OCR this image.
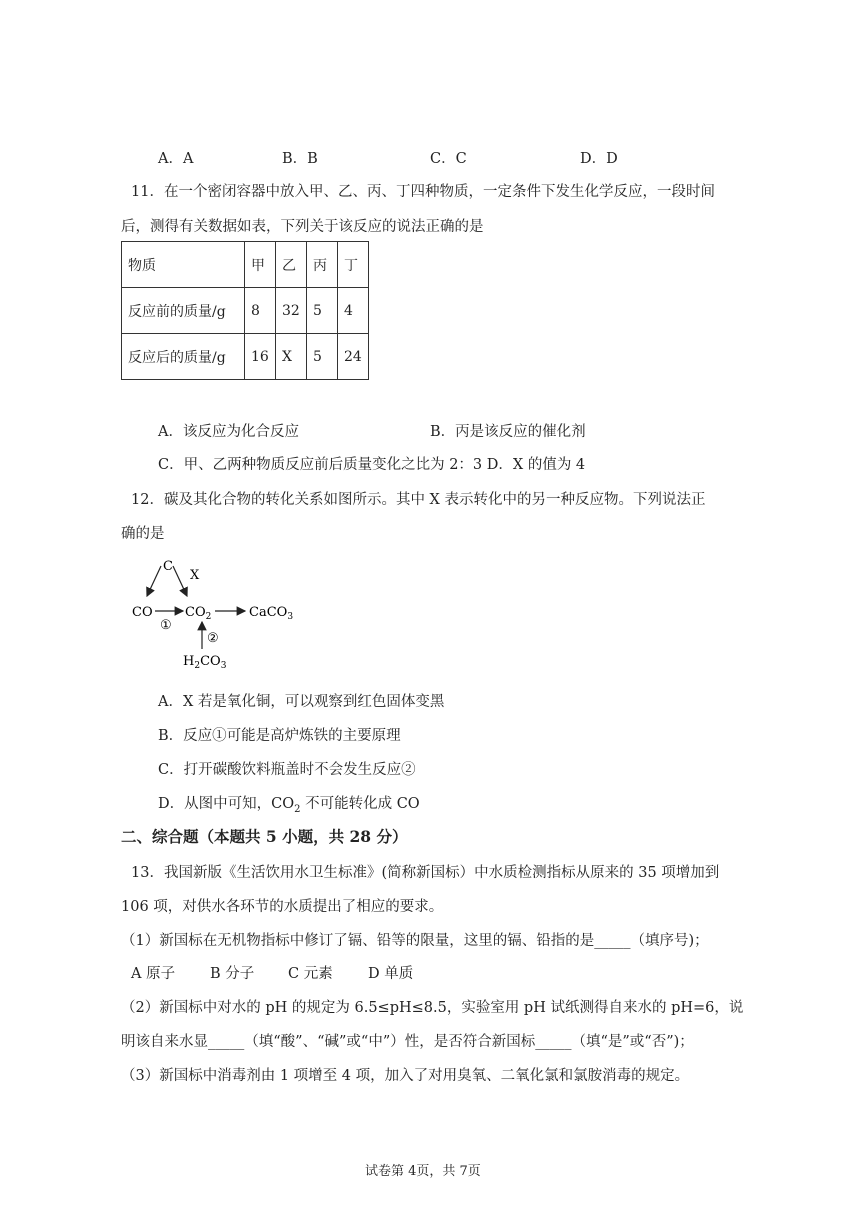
A．A	B．B	C．C	D．D
11．在一个密闭容器中放入甲、乙、丙、丁四种物质，一定条件下发生化学反应，一段时间
后，测得有关数据如表，下列关于该反应的说法正确的是
物质	甲	乙	丙	丁
反应前的质量/g	8	32	5	4
反应后的质量/g	16	X	5	24
A．该反应为化合反应	B．丙是该反应的催化剂
C．甲、乙两种物质反应前后质量变化之比为 2：3 D．X 的值为 4
12．碳及其化合物的转化关系如图所示。其中 X 表示转化中的另一种反应物。下列说法正
确的是
C
X
CO
①
$CO_2$	CaCO$_3$
②
$H_2CO_3$
A．X 若是氧化铜，可以观察到红色固体变黑
B．反应①可能是高炉炼铁的主要原理
C．打开碳酸饮料瓶盖时不会发生反应②
D．从图中可知，$CO_2$ 不可能转化成 CO
二、综合题（本题共 5 小题，共 28 分）
13．我国新版《生活饮用水卫生标准》(简称新国标）中水质检测指标从原来的 35 项增加到
106 项，对供水各环节的水质提出了相应的要求。
（1）新国标在无机物指标中修订了镉、铅等的限量，这里的镉、铅指的是_____（填序号)；
A 原子 B 分子 C 元素 D 单质
（2）新国标中对水的 pH 的规定为 6.5≤pH≤8.5，实验室用 pH 试纸测得自来水的 pH=6，说
明该自来水显_____（填“酸”、“碱”或“中”）性，是否符合新国标_____（填“是”或“否”)；
（3）新国标中消毒剂由 1 项增至 4 项，加入了对用臭氧、二氧化氯和氯胺消毒的规定。
试卷第 4页，共 7页
